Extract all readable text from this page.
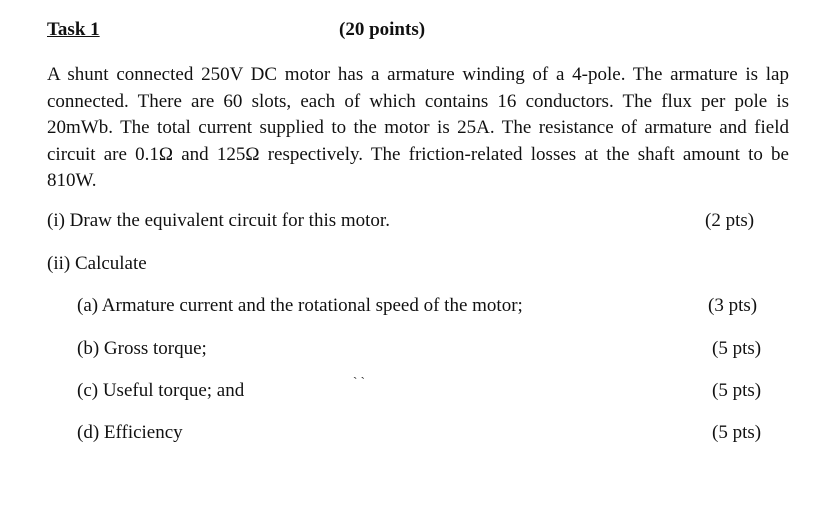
Task 1	(20 points)

A shunt connected 250V DC motor has a armature winding of a 4-pole. The armature is lap connected. There are 60 slots, each of which contains 16 conductors. The flux per pole is 20mWb. The total current supplied to the motor is 25A. The resistance of armature and field circuit are 0.1Ω and 125Ω respectively. The friction-related losses at the shaft amount to be 810W.

(i) Draw the equivalent circuit for this motor.	(2 pts)
(ii) Calculate
(a) Armature current and the rotational speed of the motor;	(3 pts)
(b) Gross torque;	(5 pts)
(c) Useful torque; and	(5 pts)
(d) Efficiency	(5 pts)
` `
